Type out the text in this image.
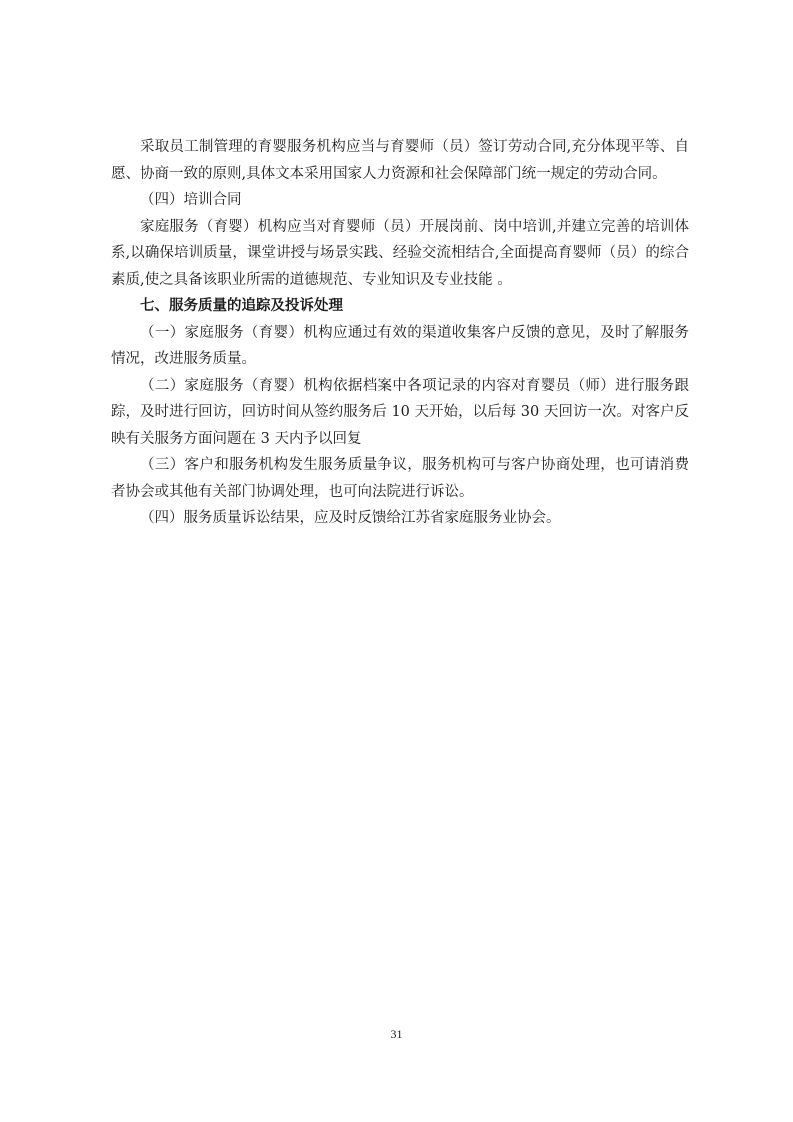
采取员工制管理的育婴服务机构应当与育婴师（员）签订劳动合同,充分体现平等、自愿、协商一致的原则,具体文本采用国家人力资源和社会保障部门统一规定的劳动合同。

（四）培训合同

家庭服务（育婴）机构应当对育婴师（员）开展岗前、岗中培训,并建立完善的培训体系,以确保培训质量，课堂讲授与场景实践、经验交流相结合,全面提高育婴师（员）的综合素质,使之具备该职业所需的道德规范、专业知识及专业技能 。

七、服务质量的追踪及投诉处理

（一）家庭服务（育婴）机构应通过有效的渠道收集客户反馈的意见，及时了解服务情况，改进服务质量。

（二）家庭服务（育婴）机构依据档案中各项记录的内容对育婴员（师）进行服务跟踪，及时进行回访，回访时间从签约服务后 10 天开始，以后每 30 天回访一次。对客户反映有关服务方面问题在 3 天内予以回复

（三）客户和服务机构发生服务质量争议，服务机构可与客户协商处理，也可请消费者协会或其他有关部门协调处理，也可向法院进行诉讼。

（四）服务质量诉讼结果，应及时反馈给江苏省家庭服务业协会。

31
